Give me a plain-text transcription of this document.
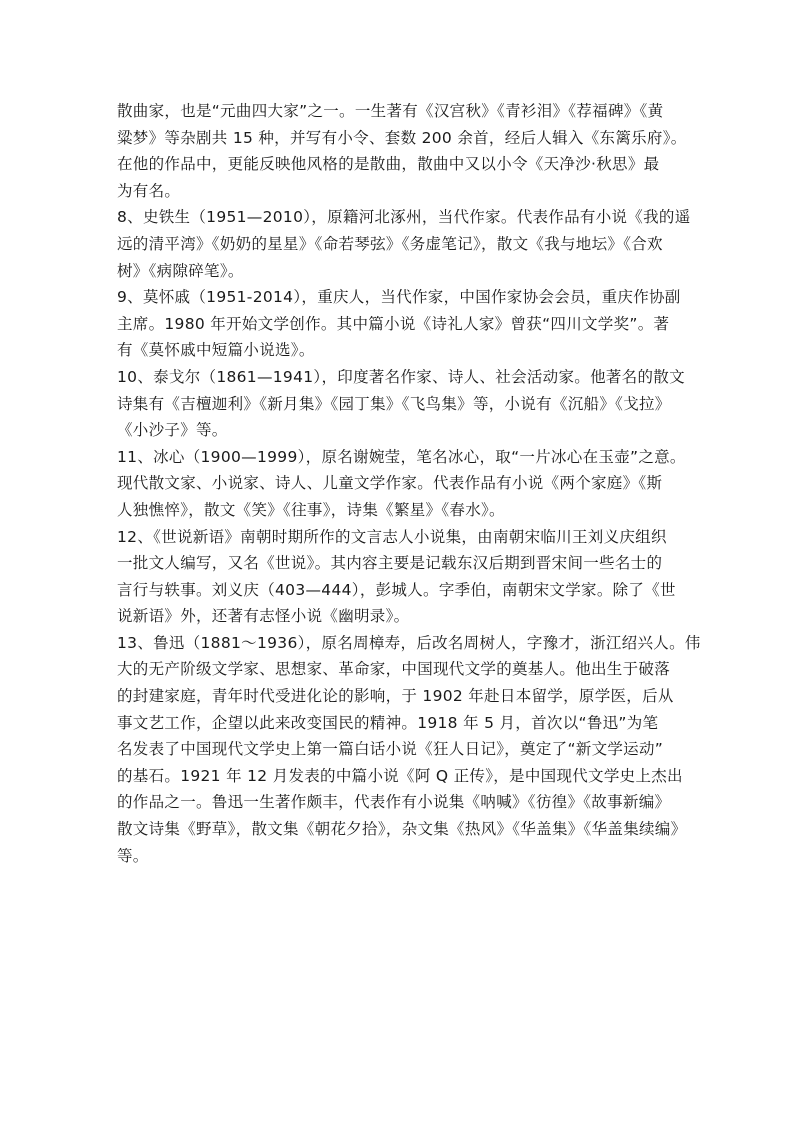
散曲家，也是“元曲四大家”之一。一生著有《汉宫秋》《青衫泪》《荐福碑》《黄
粱梦》等杂剧共 15 种，并写有小令、套数 200 余首，经后人辑入《东篱乐府》。
在他的作品中，更能反映他风格的是散曲，散曲中又以小令《天净沙·秋思》最
为有名。

8、史铁生（1951—2010），原籍河北涿州，当代作家。代表作品有小说《我的遥
远的清平湾》《奶奶的星星》《命若琴弦》《务虚笔记》，散文《我与地坛》《合欢
树》《病隙碎笔》。

9、莫怀戚（1951-2014），重庆人，当代作家，中国作家协会会员，重庆作协副
主席。1980 年开始文学创作。其中篇小说《诗礼人家》曾获“四川文学奖”。著
有《莫怀戚中短篇小说选》。

10、泰戈尔（1861—1941），印度著名作家、诗人、社会活动家。他著名的散文
诗集有《吉檀迦利》《新月集》《园丁集》《飞鸟集》等，小说有《沉船》《戈拉》
《小沙子》等。

11、冰心（1900—1999），原名谢婉莹，笔名冰心，取“一片冰心在玉壶”之意。
现代散文家、小说家、诗人、儿童文学作家。代表作品有小说《两个家庭》《斯
人独憔悴》，散文《笑》《往事》，诗集《繁星》《春水》。

12、《世说新语》南朝时期所作的文言志人小说集，由南朝宋临川王刘义庆组织
一批文人编写，又名《世说》。其内容主要是记载东汉后期到晋宋间一些名士的
言行与轶事。刘义庆（403—444），彭城人。字季伯，南朝宋文学家。除了《世
说新语》外，还著有志怪小说《幽明录》。

13、鲁迅（1881～1936），原名周樟寿，后改名周树人，字豫才，浙江绍兴人。伟
大的无产阶级文学家、思想家、革命家，中国现代文学的奠基人。他出生于破落
的封建家庭，青年时代受进化论的影响，于 1902 年赴日本留学，原学医，后从
事文艺工作，企望以此来改变国民的精神。1918 年 5 月，首次以“鲁迅”为笔
名发表了中国现代文学史上第一篇白话小说《狂人日记》，奠定了“新文学运动”
的基石。1921 年 12 月发表的中篇小说《阿 Q 正传》，是中国现代文学史上杰出
的作品之一。鲁迅一生著作颇丰，代表作有小说集《呐喊》《彷徨》《故事新编》
散文诗集《野草》，散文集《朝花夕拾》，杂文集《热风》《华盖集》《华盖集续编》
等。
